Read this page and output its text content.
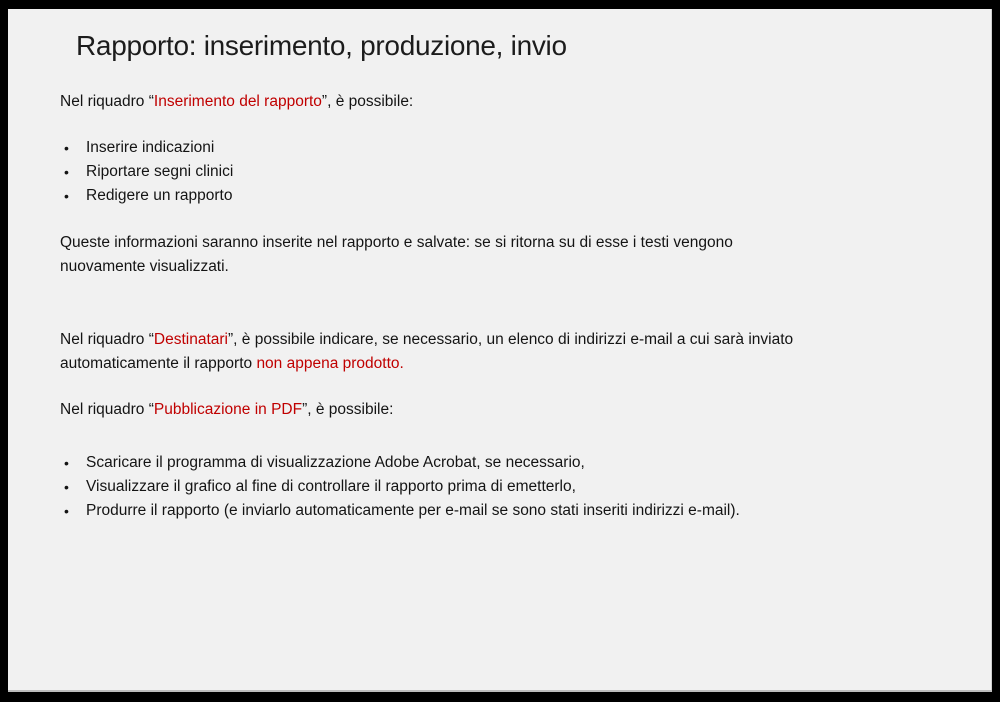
Rapporto: inserimento, produzione, invio
Nel riquadro “Inserimento del rapporto”, è possibile:
• Inserire indicazioni
• Riportare segni clinici
• Redigere un rapporto
Queste informazioni saranno inserite nel rapporto e salvate: se si ritorna su di esse i testi vengono
nuovamente visualizzati.
Nel riquadro “Destinatari”, è possibile indicare, se necessario, un elenco di indirizzi e-mail a cui sarà inviato
automaticamente il rapporto non appena prodotto.
Nel riquadro “Pubblicazione in PDF”, è possibile:
• Scaricare il programma di visualizzazione Adobe Acrobat, se necessario,
• Visualizzare il grafico al fine di controllare il rapporto prima di emetterlo,
• Produrre il rapporto (e inviarlo automaticamente per e-mail se sono stati inseriti indirizzi e-mail).
